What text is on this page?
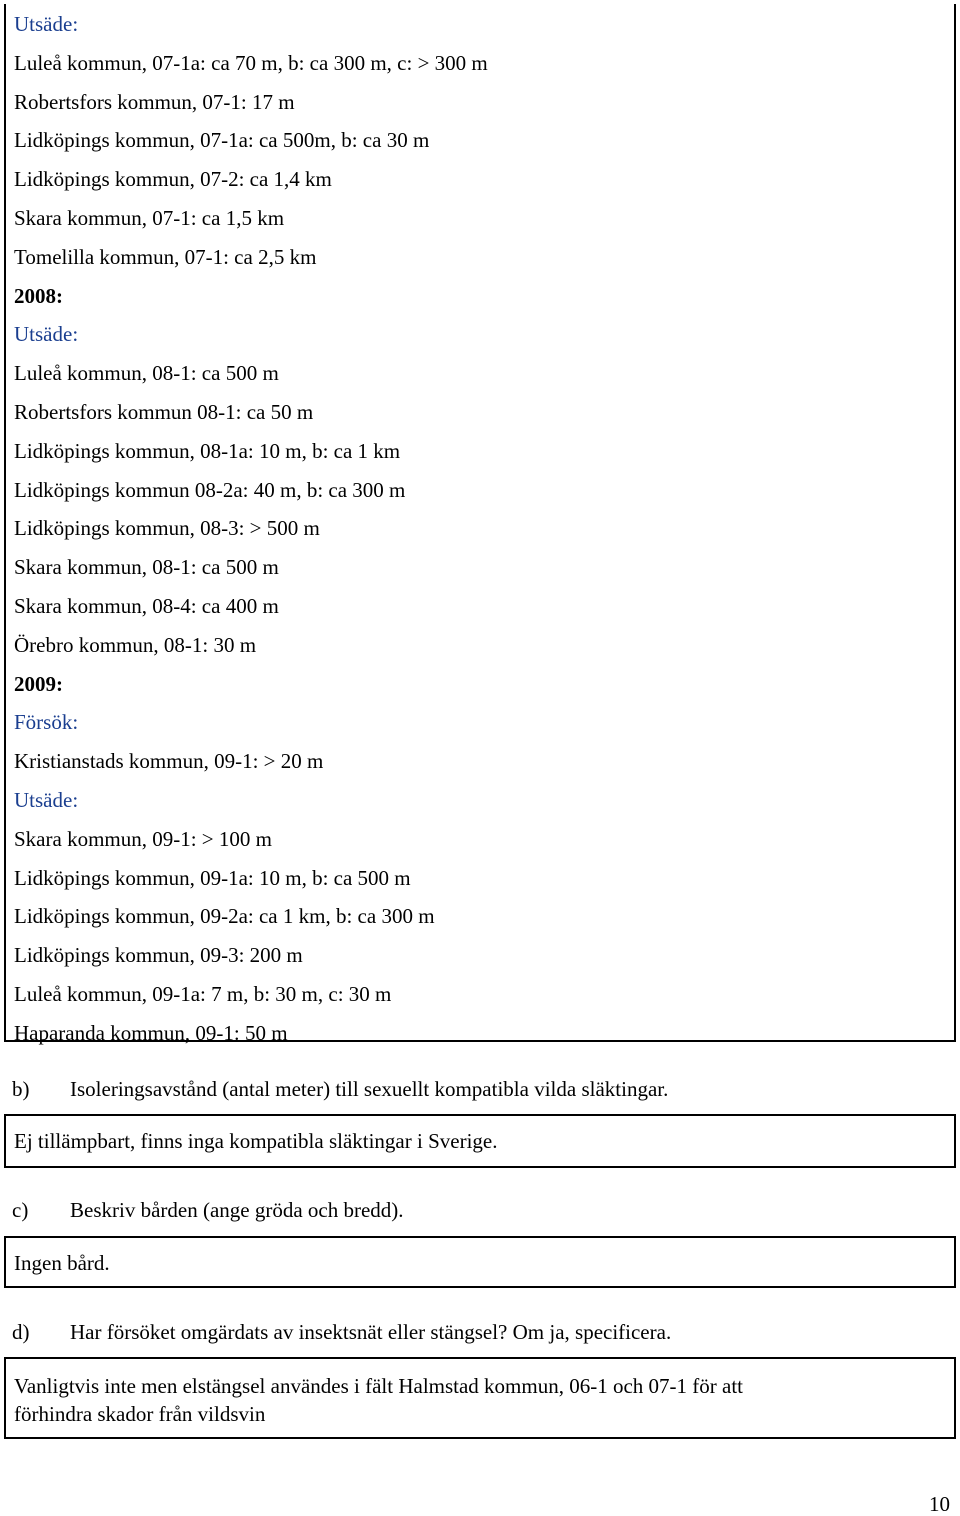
Utsäde:
Luleå kommun, 07-1a: ca 70 m, b: ca 300 m, c: > 300 m
Robertsfors kommun, 07-1: 17 m
Lidköpings kommun, 07-1a: ca 500m, b: ca 30 m
Lidköpings kommun, 07-2: ca 1,4 km
Skara kommun, 07-1: ca 1,5 km
Tomelilla kommun, 07-1: ca 2,5 km
2008:
Utsäde:
Luleå kommun, 08-1: ca 500 m
Robertsfors kommun 08-1: ca 50 m
Lidköpings kommun, 08-1a: 10 m, b: ca 1 km
Lidköpings kommun 08-2a: 40 m, b: ca 300 m
Lidköpings kommun, 08-3: > 500 m
Skara kommun, 08-1: ca 500 m
Skara kommun, 08-4: ca 400 m
Örebro kommun, 08-1: 30 m
2009:
Försök:
Kristianstads kommun, 09-1: > 20 m
Utsäde:
Skara kommun, 09-1: > 100 m
Lidköpings kommun, 09-1a: 10 m, b: ca 500 m
Lidköpings kommun, 09-2a: ca 1 km, b: ca 300 m
Lidköpings kommun, 09-3: 200 m
Luleå kommun, 09-1a: 7 m, b: 30 m, c: 30 m
Haparanda kommun, 09-1: 50 m
b) Isoleringsavstånd (antal meter) till sexuellt kompatibla vilda släktingar.
Ej tillämpbart, finns inga kompatibla släktingar i Sverige.
c) Beskriv bården (ange gröda och bredd).
Ingen bård.
d) Har försöket omgärdats av insektsnät eller stängsel? Om ja, specificera.
Vanligtvis inte men elstängsel användes i fält Halmstad kommun, 06-1 och 07-1 för att
förhindra skador från vildsvin
10
